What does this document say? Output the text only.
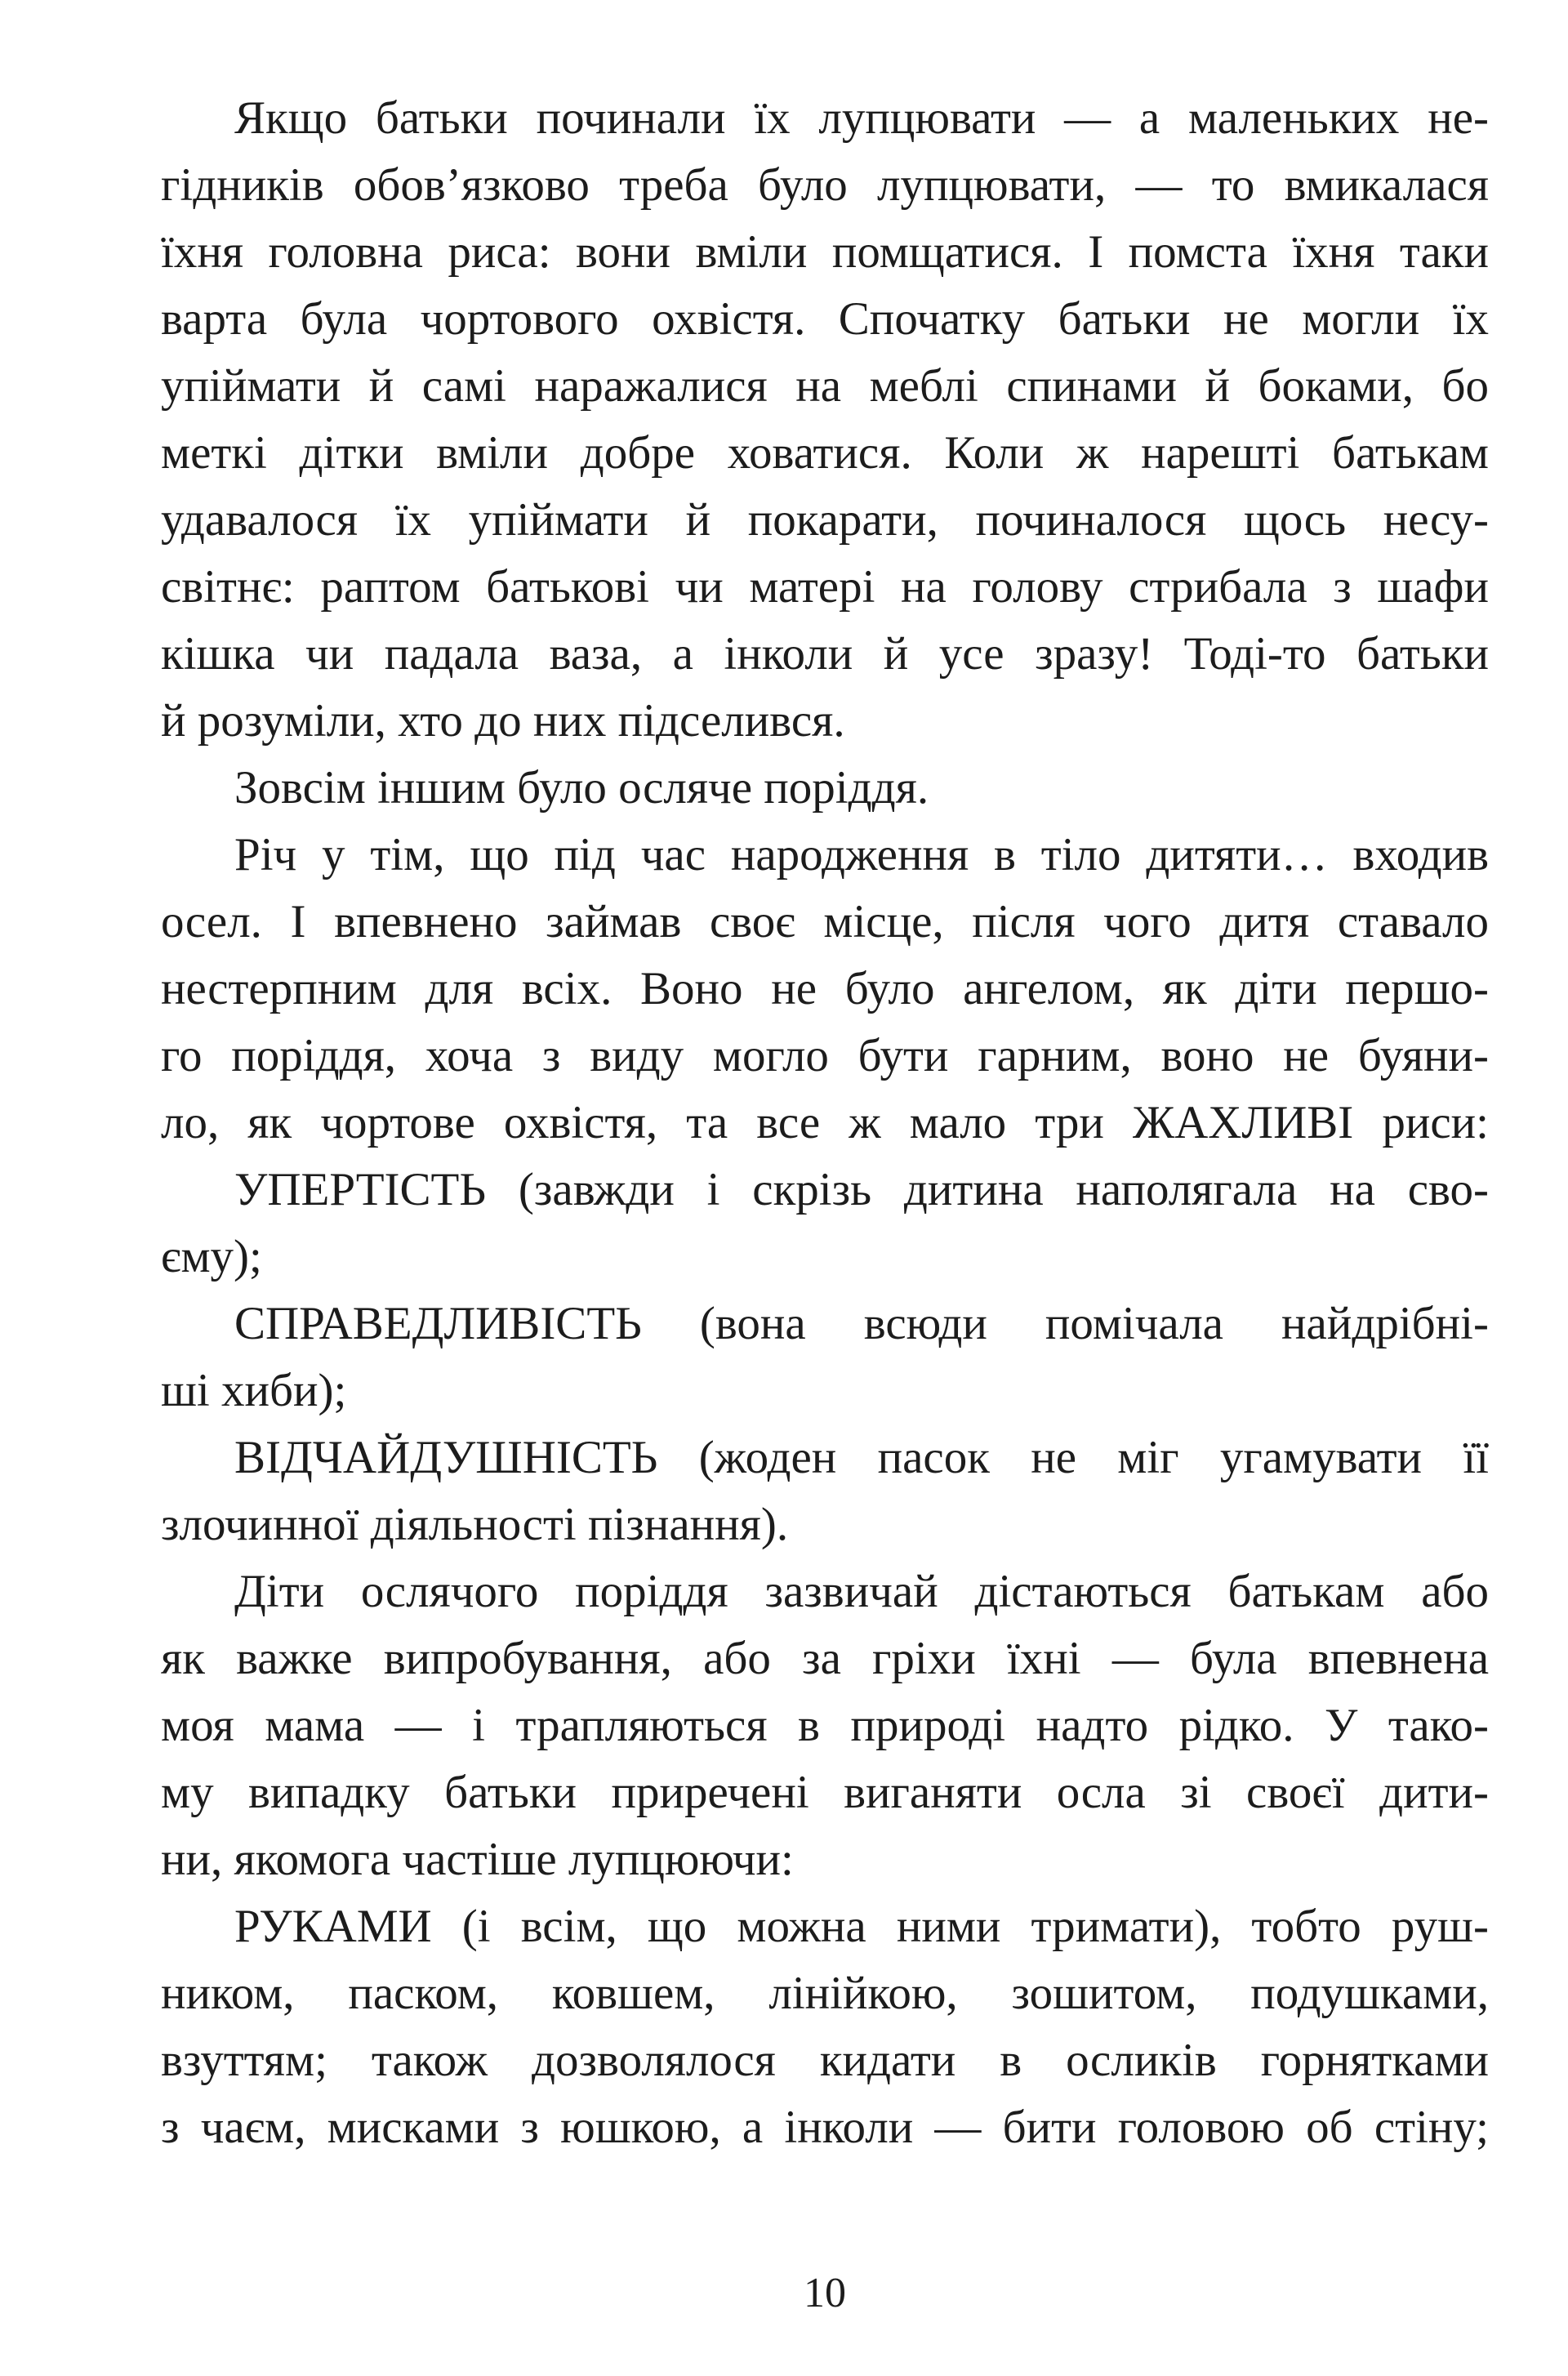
Якщо батьки починали їх лупцювати — а маленьких не-
гідників обов’язково треба було лупцювати, — то вмикалася
їхня головна риса: вони вміли помщатися. І помста їхня таки
варта була чортового охвістя. Спочатку батьки не могли їх
упіймати й самі наражалися на меблі спинами й боками, бо
меткі дітки вміли добре ховатися. Коли ж нарешті батькам
удавалося їх упіймати й покарати, починалося щось несу-
світнє: раптом батькові чи матері на голову стрибала з шафи
кішка чи падала ваза, а інколи й усе зразу! Тоді-то батьки
й розуміли, хто до них підселився.
Зовсім іншим було осляче поріддя.
Річ у тім, що під час народження в тіло дитяти… входив
осел. І впевнено займав своє місце, після чого дитя ставало
нестерпним для всіх. Воно не було ангелом, як діти першо-
го поріддя, хоча з виду могло бути гарним, воно не буяни-
ло, як чортове охвістя, та все ж мало три ЖАХЛИВІ риси:
УПЕРТІСТЬ (завжди і скрізь дитина наполягала на сво-
єму);
СПРАВЕДЛИВІСТЬ (вона всюди помічала найдрібні-
ші хиби);
ВІДЧАЙДУШНІСТЬ (жоден пасок не міг угамувати її
злочинної діяльності пізнання).
Діти ослячого поріддя зазвичай дістаються батькам або
як важке випробування, або за гріхи їхні — була впевнена
моя мама — і трапляються в природі надто рідко. У тако-
му випадку батьки приречені виганяти осла зі своєї дити-
ни, якомога частіше лупцюючи:
РУКАМИ (і всім, що можна ними тримати), тобто руш-
ником, паском, ковшем, лінійкою, зошитом, подушками,
взуттям; також дозволялося кидати в осликів горнятками
з чаєм, мисками з юшкою, а інколи — бити головою об стіну;
10
